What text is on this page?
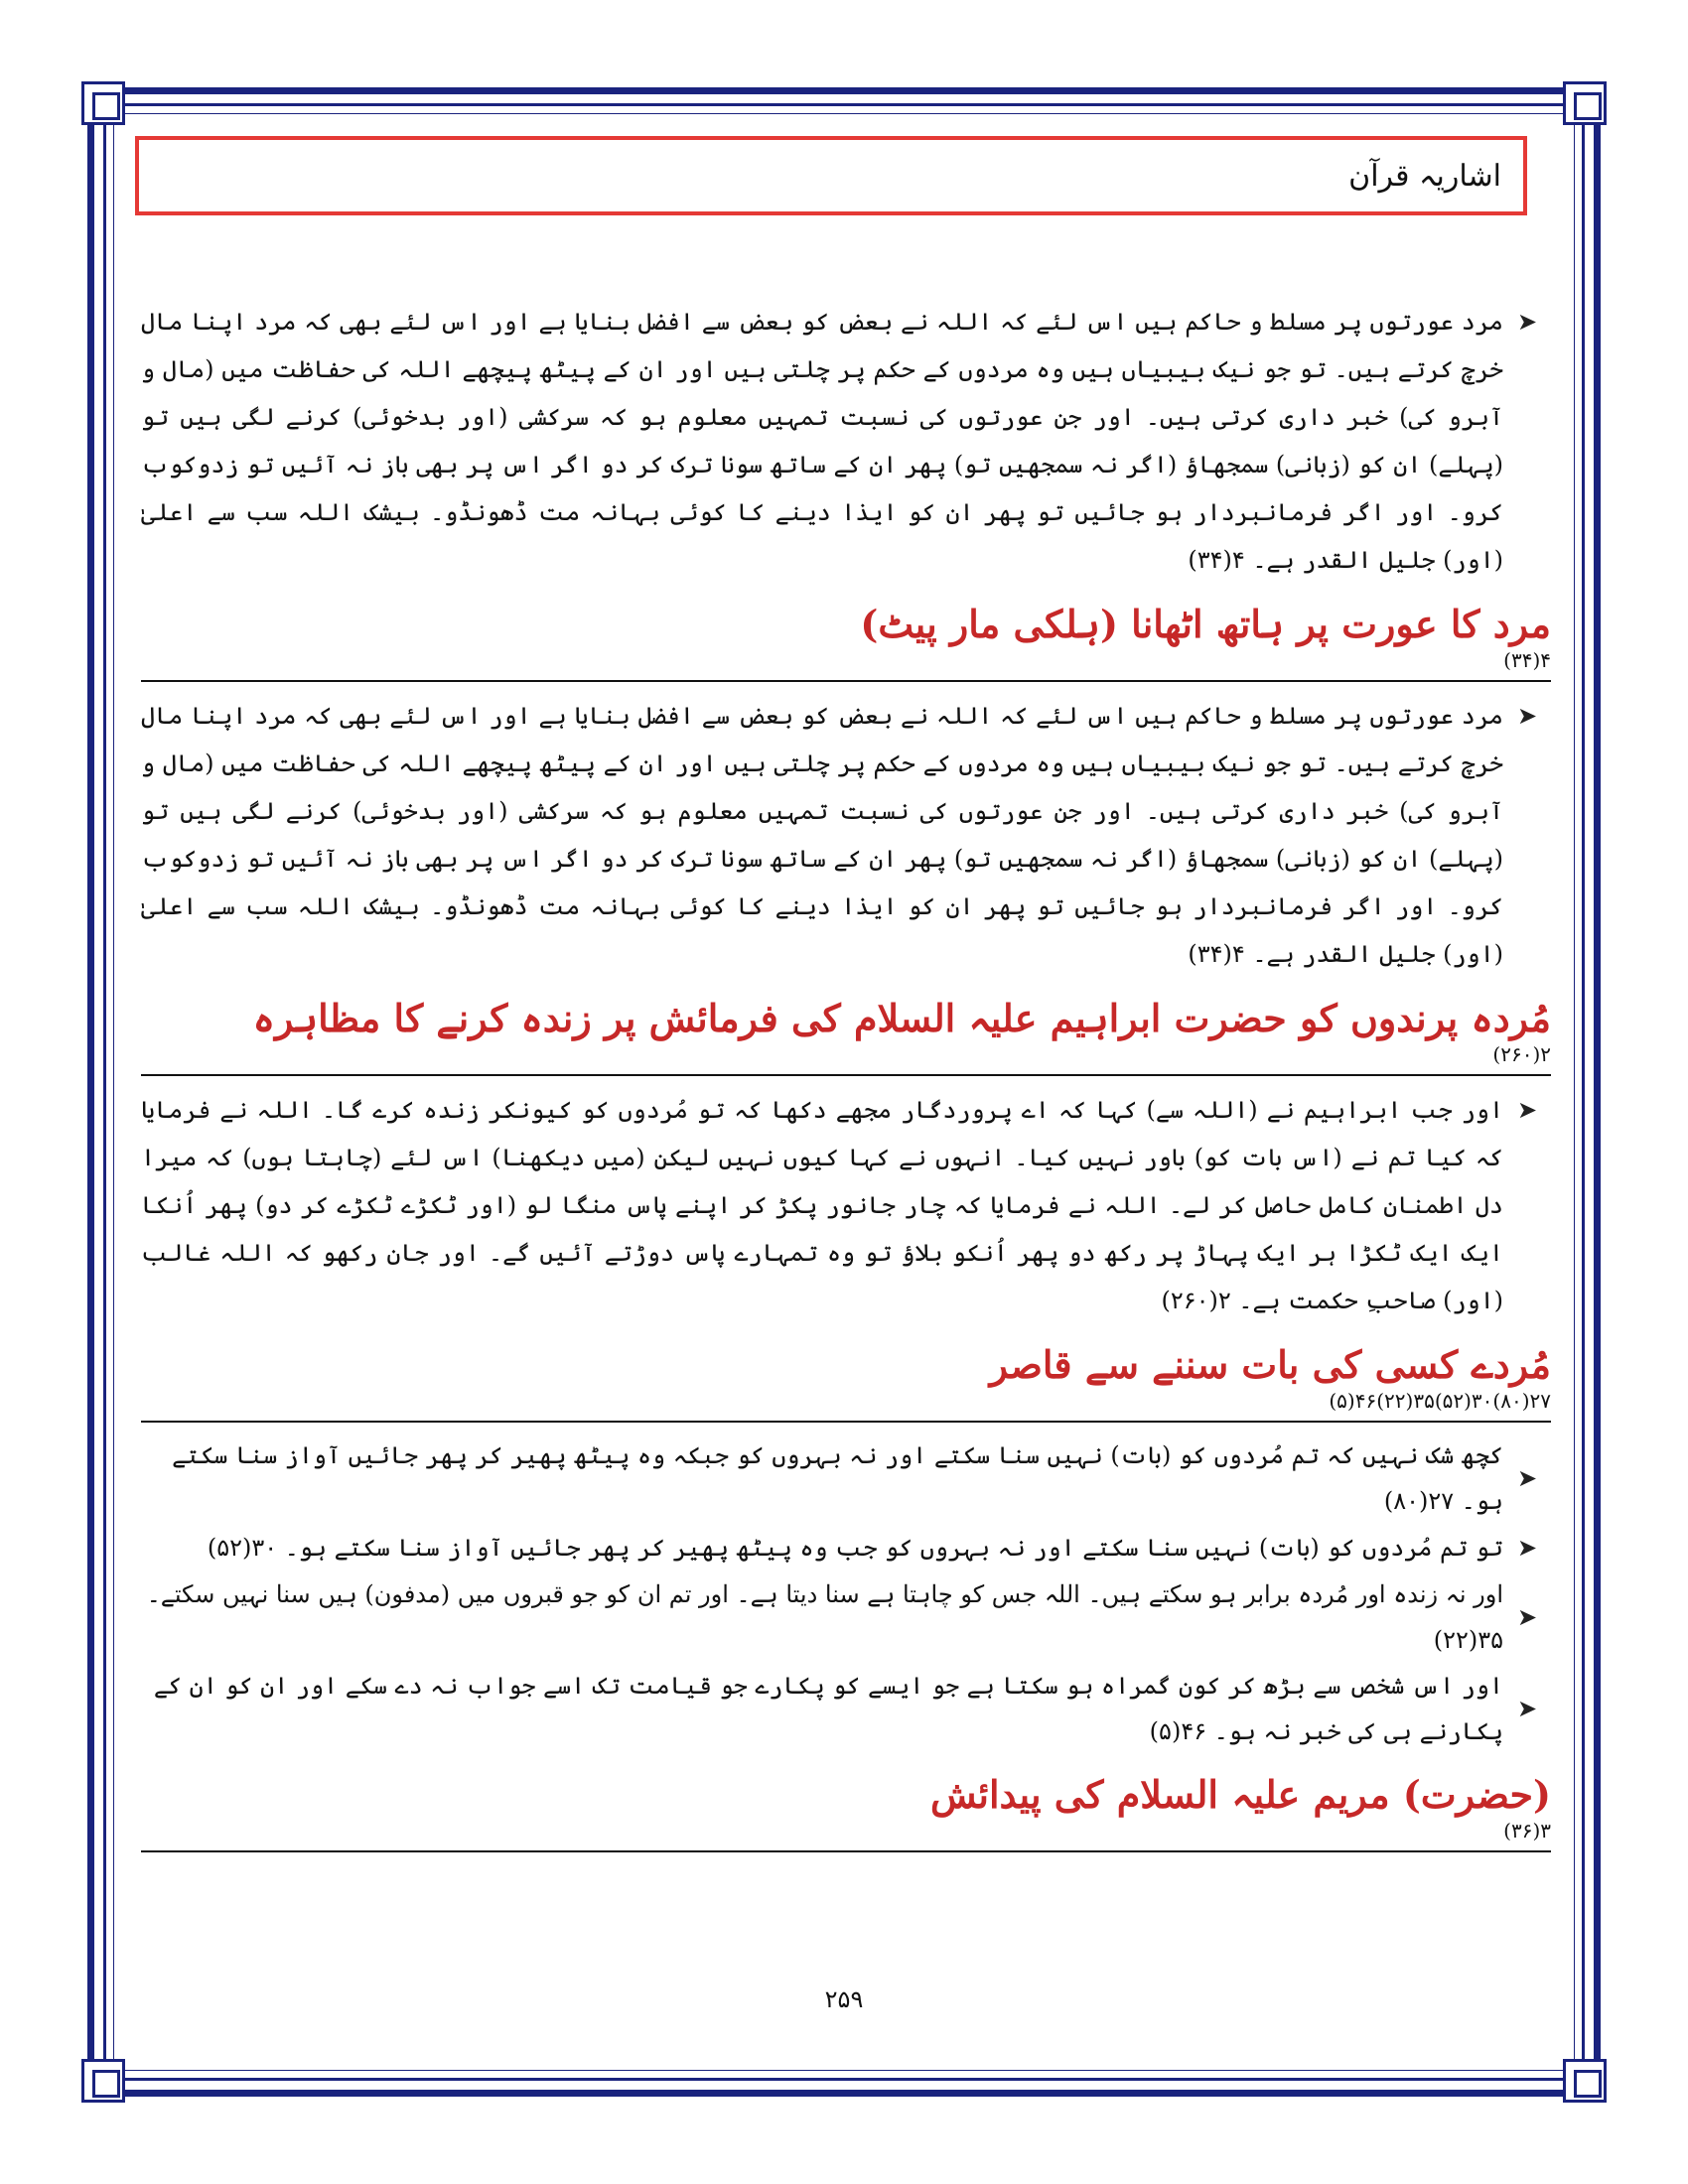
اشاریہ قرآن
➤
مرد عورتوں پر مسلط و حاکم ہیں اس لئے کہ اللہ نے بعض کو بعض سے افضل بنایا ہے اور اس لئے بھی کہ مرد اپنا مال خرچ کرتے ہیں۔ تو جو نیک بیبیاں ہیں وہ مردوں کے حکم پر چلتی ہیں اور ان کے پیٹھ پیچھے اللہ کی حفاظت میں (مال و آبرو کی) خبر داری کرتی ہیں۔ اور جن عورتوں کی نسبت تمہیں معلوم ہو کہ سرکشی (اور بدخوئی) کرنے لگی ہیں تو (پہلے) ان کو (زبانی) سمجھاؤ (اگر نہ سمجھیں تو) پھر ان کے ساتھ سونا ترک کر دو اگر اس پر بھی باز نہ آئیں تو زدوکوب کرو۔ اور اگر فرمانبردار ہو جائیں تو پھر ان کو ایذا دینے کا کوئی بہانہ مت ڈھونڈو۔ بیشک اللہ سب سے اعلیٰ (اور) جلیل القدر ہے۔ ۴(۳۴)
مرد کا عورت پر ہاتھ اٹھانا (ہلکی مار پیٹ)
۴(۳۴)
➤
مرد عورتوں پر مسلط و حاکم ہیں اس لئے کہ اللہ نے بعض کو بعض سے افضل بنایا ہے اور اس لئے بھی کہ مرد اپنا مال خرچ کرتے ہیں۔ تو جو نیک بیبیاں ہیں وہ مردوں کے حکم پر چلتی ہیں اور ان کے پیٹھ پیچھے اللہ کی حفاظت میں (مال و آبرو کی) خبر داری کرتی ہیں۔ اور جن عورتوں کی نسبت تمہیں معلوم ہو کہ سرکشی (اور بدخوئی) کرنے لگی ہیں تو (پہلے) ان کو (زبانی) سمجھاؤ (اگر نہ سمجھیں تو) پھر ان کے ساتھ سونا ترک کر دو اگر اس پر بھی باز نہ آئیں تو زدوکوب کرو۔ اور اگر فرمانبردار ہو جائیں تو پھر ان کو ایذا دینے کا کوئی بہانہ مت ڈھونڈو۔ بیشک اللہ سب سے اعلیٰ (اور) جلیل القدر ہے۔ ۴(۳۴)
مُردہ پرندوں کو حضرت ابراہیم علیہ السلام کی فرمائش پر زندہ کرنے کا مظاہرہ
۲(۲۶۰)
➤
اور جب ابراہیم نے (اللہ سے) کہا کہ اے پروردگار مجھے دکھا کہ تو مُردوں کو کیونکر زندہ کرے گا۔ اللہ نے فرمایا کہ کیا تم نے (اس بات کو) باور نہیں کیا۔ انہوں نے کہا کیوں نہیں لیکن (میں دیکھنا) اس لئے (چاہتا ہوں) کہ میرا دل اطمنان کامل حاصل کر لے۔ اللہ نے فرمایا کہ چار جانور پکڑ کر اپنے پاس منگا لو (اور ٹکڑے ٹکڑے کر دو) پھر اُنکا ایک ایک ٹکڑا ہر ایک پہاڑ پر رکھ دو پھر اُنکو بلاؤ تو وہ تمہارے پاس دوڑتے آئیں گے۔ اور جان رکھو کہ اللہ غالب (اور) صاحبِ حکمت ہے۔ ۲(۲۶۰)
مُردے کسی کی بات سننے سے قاصر
۲۷(۸۰)۳۰(۵۲)۳۵(۲۲)۴۶(۵)
➤
کچھ شک نہیں کہ تم مُردوں کو (بات) نہیں سنا سکتے اور نہ بہروں کو جبکہ وہ پیٹھ پھیر کر پھر جائیں آواز سنا سکتے ہو۔ ۲۷(۸۰)
➤
تو تم مُردوں کو (بات) نہیں سنا سکتے اور نہ بہروں کو جب وہ پیٹھ پھیر کر پھر جائیں آواز سنا سکتے ہو۔ ۳۰(۵۲)
➤
اور نہ زندہ اور مُردہ برابر ہو سکتے ہیں۔ اللہ جس کو چاہتا ہے سنا دیتا ہے۔ اور تم ان کو جو قبروں میں (مدفون) ہیں سنا نہیں سکتے۔ ۳۵(۲۲)
➤
اور اس شخص سے بڑھ کر کون گمراہ ہو سکتا ہے جو ایسے کو پکارے جو قیامت تک اسے جواب نہ دے سکے اور ان کو ان کے پکارنے ہی کی خبر نہ ہو۔ ۴۶(۵)
(حضرت) مریم علیہ السلام کی پیدائش
۳(۳۶)
۲۵۹
